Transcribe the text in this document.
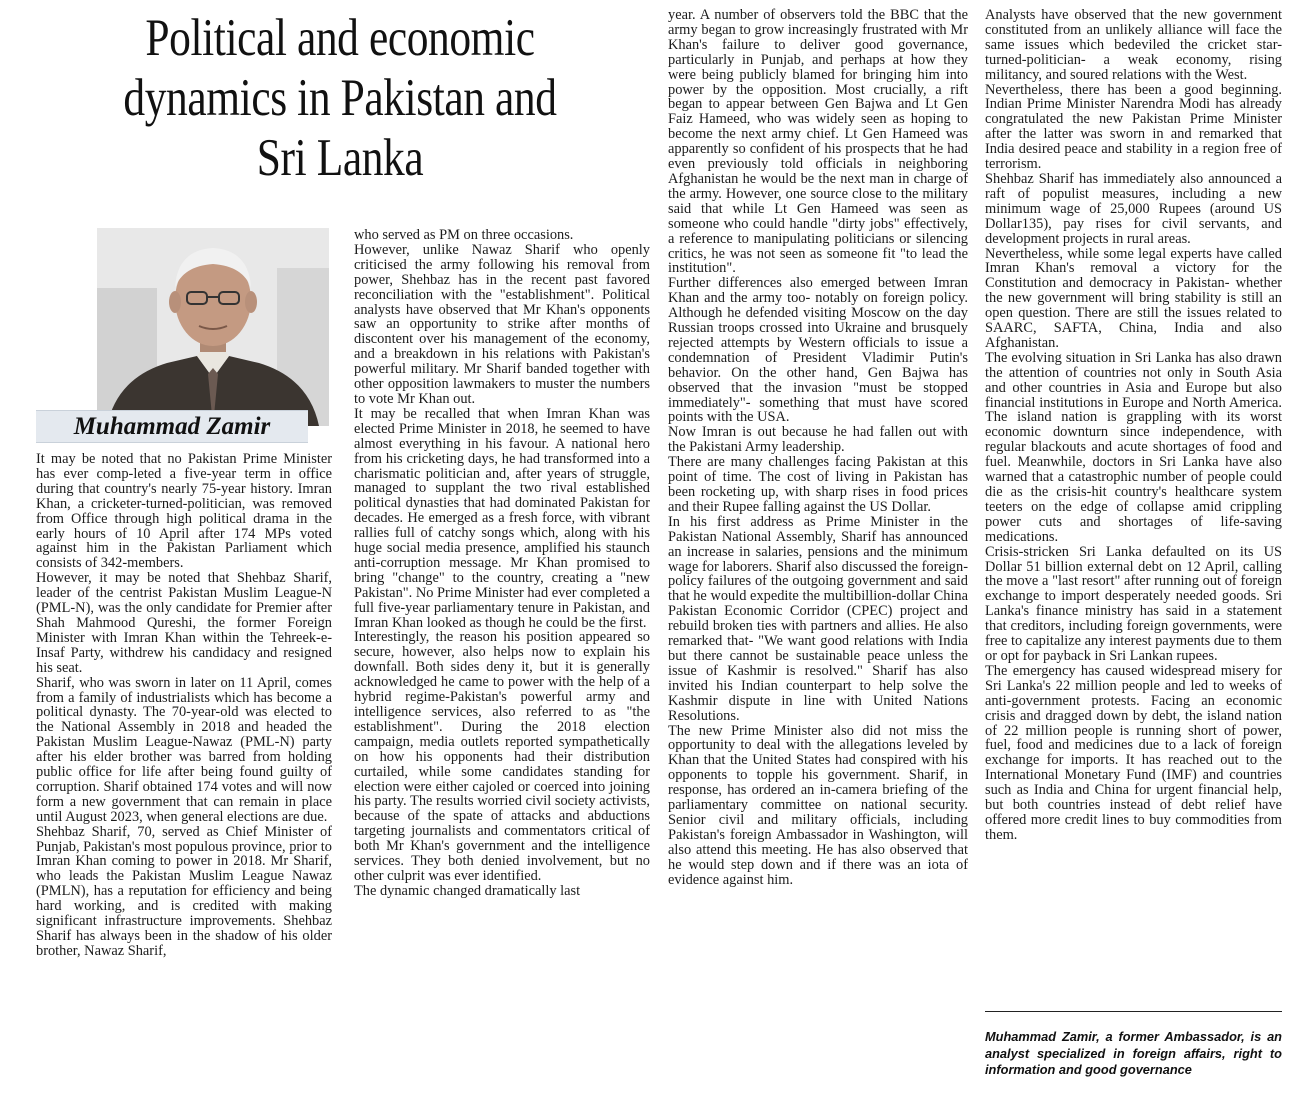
Political and economic dynamics in Pakistan and Sri Lanka
Muhammad Zamir

It may be noted that no Pakistan Prime Minister has ever comp-leted a five-year term in office during that country's nearly 75-year history. Imran Khan, a cricketer-turned-politician, was removed from Office through high political drama in the early hours of 10 April after 174 MPs voted against him in the Pakistan Parliament which consists of 342-members.

However, it may be noted that Shehbaz Sharif, leader of the centrist Pakistan Muslim League-N (PML-N), was the only candidate for Premier after Shah Mahmood Qureshi, the former Foreign Minister with Imran Khan within the Tehreek-e-Insaf Party, withdrew his candidacy and resigned his seat.

Sharif, who was sworn in later on 11 April, comes from a family of industrialists which has become a political dynasty. The 70-year-old was elected to the National Assembly in 2018 and headed the Pakistan Muslim League-Nawaz (PML-N) party after his elder brother was barred from holding public office for life after being found guilty of corruption. Sharif obtained 174 votes and will now form a new government that can remain in place until August 2023, when general elections are due.

Shehbaz Sharif, 70, served as Chief Minister of Punjab, Pakistan's most populous province, prior to Imran Khan coming to power in 2018. Mr Sharif, who leads the Pakistan Muslim League Nawaz (PMLN), has a reputation for efficiency and being hard working, and is credited with making significant infrastructure improvements. Shehbaz Sharif has always been in the shadow of his older brother, Nawaz Sharif,

who served as PM on three occasions.

However, unlike Nawaz Sharif who openly criticised the army following his removal from power, Shehbaz has in the recent past favored reconciliation with the "establishment". Political analysts have observed that Mr Khan's opponents saw an opportunity to strike after months of discontent over his management of the economy, and a breakdown in his relations with Pakistan's powerful military. Mr Sharif banded together with other opposition lawmakers to muster the numbers to vote Mr Khan out.

It may be recalled that when Imran Khan was elected Prime Minister in 2018, he seemed to have almost everything in his favour. A national hero from his cricketing days, he had transformed into a charismatic politician and, after years of struggle, managed to supplant the two rival established political dynasties that had dominated Pakistan for decades. He emerged as a fresh force, with vibrant rallies full of catchy songs which, along with his huge social media presence, amplified his staunch anti-corruption message. Mr Khan promised to bring "change" to the country, creating a "new Pakistan". No Prime Minister had ever completed a full five-year parliamentary tenure in Pakistan, and Imran Khan looked as though he could be the first.

Interestingly, the reason his position appeared so secure, however, also helps now to explain his downfall. Both sides deny it, but it is generally acknowledged he came to power with the help of a hybrid regime-Pakistan's powerful army and intelligence services, also referred to as "the establishment". During the 2018 election campaign, media outlets reported sympathetically on how his opponents had their distribution curtailed, while some candidates standing for election were either cajoled or coerced into joining his party. The results worried civil society activists, because of the spate of attacks and abductions targeting journalists and commentators critical of both Mr Khan's government and the intelligence services. They both denied involvement, but no other culprit was ever identified.

The dynamic changed dramatically last

year. A number of observers told the BBC that the army began to grow increasingly frustrated with Mr Khan's failure to deliver good governance, particularly in Punjab, and perhaps at how they were being publicly blamed for bringing him into power by the opposition. Most crucially, a rift began to appear between Gen Bajwa and Lt Gen Faiz Hameed, who was widely seen as hoping to become the next army chief. Lt Gen Hameed was apparently so confident of his prospects that he had even previously told officials in neighboring Afghanistan he would be the next man in charge of the army. However, one source close to the military said that while Lt Gen Hameed was seen as someone who could handle "dirty jobs" effectively, a reference to manipulating politicians or silencing critics, he was not seen as someone fit "to lead the institution".

Further differences also emerged between Imran Khan and the army too- notably on foreign policy. Although he defended visiting Moscow on the day Russian troops crossed into Ukraine and brusquely rejected attempts by Western officials to issue a condemnation of President Vladimir Putin's behavior. On the other hand, Gen Bajwa has observed that the invasion "must be stopped immediately"- something that must have scored points with the USA.

Now Imran is out because he had fallen out with the Pakistani Army leadership.

There are many challenges facing Pakistan at this point of time. The cost of living in Pakistan has been rocketing up, with sharp rises in food prices and their Rupee falling against the US Dollar.

In his first address as Prime Minister in the Pakistan National Assembly, Sharif has announced an increase in salaries, pensions and the minimum wage for laborers. Sharif also discussed the foreign-policy failures of the outgoing government and said that he would expedite the multibillion-dollar China Pakistan Economic Corridor (CPEC) project and rebuild broken ties with partners and allies. He also remarked that- "We want good relations with India but there cannot be sustainable peace unless the issue of Kashmir is resolved." Sharif has also invited his Indian counterpart to help solve the Kashmir dispute in line with United Nations Resolutions.

The new Prime Minister also did not miss the opportunity to deal with the allegations leveled by Khan that the United States had conspired with his opponents to topple his government. Sharif, in response, has ordered an in-camera briefing of the parliamentary committee on national security. Senior civil and military officials, including Pakistan's foreign Ambassador in Washington, will also attend this meeting. He has also observed that he would step down and if there was an iota of evidence against him.

Analysts have observed that the new government constituted from an unlikely alliance will face the same issues which bedeviled the cricket star-turned-politician- a weak economy, rising militancy, and soured relations with the West.

Nevertheless, there has been a good beginning. Indian Prime Minister Narendra Modi has already congratulated the new Pakistan Prime Minister after the latter was sworn in and remarked that India desired peace and stability in a region free of terrorism.

Shehbaz Sharif has immediately also announced a raft of populist measures, including a new minimum wage of 25,000 Rupees (around US Dollar135), pay rises for civil servants, and development projects in rural areas.

Nevertheless, while some legal experts have called Imran Khan's removal a victory for the Constitution and democracy in Pakistan- whether the new government will bring stability is still an open question. There are still the issues related to SAARC, SAFTA, China, India and also Afghanistan.

The evolving situation in Sri Lanka has also drawn the attention of countries not only in South Asia and other countries in Asia and Europe but also financial institutions in Europe and North America. The island nation is grappling with its worst economic downturn since independence, with regular blackouts and acute shortages of food and fuel. Meanwhile, doctors in Sri Lanka have also warned that a catastrophic number of people could die as the crisis-hit country's healthcare system teeters on the edge of collapse amid crippling power cuts and shortages of life-saving medications.

Crisis-stricken Sri Lanka defaulted on its US Dollar 51 billion external debt on 12 April, calling the move a "last resort" after running out of foreign exchange to import desperately needed goods. Sri Lanka's finance ministry has said in a statement that creditors, including foreign governments, were free to capitalize any interest payments due to them or opt for payback in Sri Lankan rupees.

The emergency has caused widespread misery for Sri Lanka's 22 million people and led to weeks of anti-government protests. Facing an economic crisis and dragged down by debt, the island nation of 22 million people is running short of power, fuel, food and medicines due to a lack of foreign exchange for imports. It has reached out to the International Monetary Fund (IMF) and countries such as India and China for urgent financial help, but both countries instead of debt relief have offered more credit lines to buy commodities from them.

Muhammad Zamir, a former Ambassador, is an analyst specialized in foreign affairs, right to information and good governance
